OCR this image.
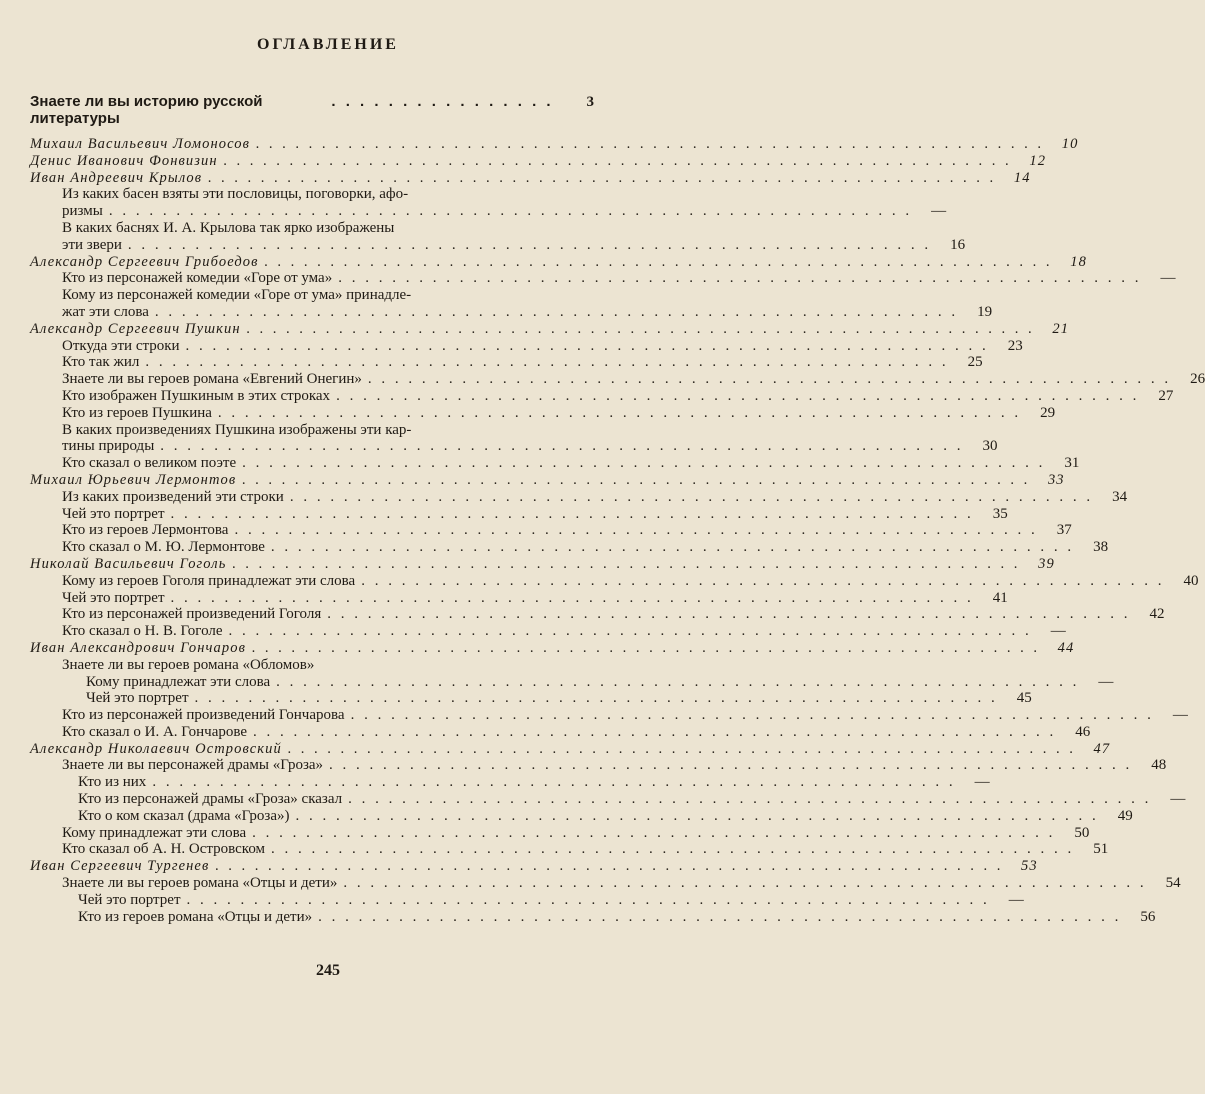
ОГЛАВЛЕНИЕ
Знаете ли вы историю русской литературы
. . . . . . . . . . . . . . . .	3
Михаил Васильевич Ломоносов . . . . . . . . . . . . . . . . . . . . . . . . . . . . . . . . . . . . . . . . . . . . . . . . . . . . . . . . . . . .	10
Денис Иванович Фонвизин . . . . . . . . . . . . . . . . . . . . . . . . . . . . . . . . . . . . . . . . . . . . . . . . . . . . . . . . . . . .	12
Иван Андреевич Крылов . . . . . . . . . . . . . . . . . . . . . . . . . . . . . . . . . . . . . . . . . . . . . . . . . . . . . . . . . . . .	14
Из каких басен взяты эти пословицы, поговорки, афо-
ризмы . . . . . . . . . . . . . . . . . . . . . . . . . . . . . . . . . . . . . . . . . . . . . . . . . . . . . . . . . . . .	—
В каких баснях И. А. Крылова так ярко изображены
эти звери . . . . . . . . . . . . . . . . . . . . . . . . . . . . . . . . . . . . . . . . . . . . . . . . . . . . . . . . . . . .	16
Александр Сергеевич Грибоедов . . . . . . . . . . . . . . . . . . . . . . . . . . . . . . . . . . . . . . . . . . . . . . . . . . . . . . . . . . . .	18
Кто из персонажей комедии «Горе от ума» . . . . . . . . . . . . . . . . . . . . . . . . . . . . . . . . . . . . . . . . . . . . . . . . . . . . . . . . . . . .	—
Кому из персонажей комедии «Горе от ума» принадле-
жат эти слова . . . . . . . . . . . . . . . . . . . . . . . . . . . . . . . . . . . . . . . . . . . . . . . . . . . . . . . . . . . .	19
Александр Сергеевич Пушкин . . . . . . . . . . . . . . . . . . . . . . . . . . . . . . . . . . . . . . . . . . . . . . . . . . . . . . . . . . . .	21
Откуда эти строки . . . . . . . . . . . . . . . . . . . . . . . . . . . . . . . . . . . . . . . . . . . . . . . . . . . . . . . . . . . .	23
Кто так жил . . . . . . . . . . . . . . . . . . . . . . . . . . . . . . . . . . . . . . . . . . . . . . . . . . . . . . . . . . . .	25
Знаете ли вы героев романа «Евгений Онегин» . . . . . . . . . . . . . . . . . . . . . . . . . . . . . . . . . . . . . . . . . . . . . . . . . . . . . . . . . . . .	26
Кто изображен Пушкиным в этих строках . . . . . . . . . . . . . . . . . . . . . . . . . . . . . . . . . . . . . . . . . . . . . . . . . . . . . . . . . . . .	27
Кто из героев Пушкина . . . . . . . . . . . . . . . . . . . . . . . . . . . . . . . . . . . . . . . . . . . . . . . . . . . . . . . . . . . .	29
В каких произведениях Пушкина изображены эти кар-
тины природы . . . . . . . . . . . . . . . . . . . . . . . . . . . . . . . . . . . . . . . . . . . . . . . . . . . . . . . . . . . .	30
Кто сказал о великом поэте . . . . . . . . . . . . . . . . . . . . . . . . . . . . . . . . . . . . . . . . . . . . . . . . . . . . . . . . . . . .	31
Михаил Юрьевич Лермонтов . . . . . . . . . . . . . . . . . . . . . . . . . . . . . . . . . . . . . . . . . . . . . . . . . . . . . . . . . . . .	33
Из каких произведений эти строки . . . . . . . . . . . . . . . . . . . . . . . . . . . . . . . . . . . . . . . . . . . . . . . . . . . . . . . . . . . .	34
Чей это портрет . . . . . . . . . . . . . . . . . . . . . . . . . . . . . . . . . . . . . . . . . . . . . . . . . . . . . . . . . . . .	35
Кто из героев Лермонтова . . . . . . . . . . . . . . . . . . . . . . . . . . . . . . . . . . . . . . . . . . . . . . . . . . . . . . . . . . . .	37
Кто сказал о М. Ю. Лермонтове . . . . . . . . . . . . . . . . . . . . . . . . . . . . . . . . . . . . . . . . . . . . . . . . . . . . . . . . . . . .	38
Николай Васильевич Гоголь . . . . . . . . . . . . . . . . . . . . . . . . . . . . . . . . . . . . . . . . . . . . . . . . . . . . . . . . . . . .	39
Кому из героев Гоголя принадлежат эти слова . . . . . . . . . . . . . . . . . . . . . . . . . . . . . . . . . . . . . . . . . . . . . . . . . . . . . . . . . . . .	40
Чей это портрет . . . . . . . . . . . . . . . . . . . . . . . . . . . . . . . . . . . . . . . . . . . . . . . . . . . . . . . . . . . .	41
Кто из персонажей произведений Гоголя . . . . . . . . . . . . . . . . . . . . . . . . . . . . . . . . . . . . . . . . . . . . . . . . . . . . . . . . . . . .	42
Кто сказал о Н. В. Гоголе . . . . . . . . . . . . . . . . . . . . . . . . . . . . . . . . . . . . . . . . . . . . . . . . . . . . . . . . . . . .	—
Иван Александрович Гончаров . . . . . . . . . . . . . . . . . . . . . . . . . . . . . . . . . . . . . . . . . . . . . . . . . . . . . . . . . . . .	44
Знаете ли вы героев романа «Обломов»
Кому принадлежат эти слова . . . . . . . . . . . . . . . . . . . . . . . . . . . . . . . . . . . . . . . . . . . . . . . . . . . . . . . . . . . .	—
Чей это портрет . . . . . . . . . . . . . . . . . . . . . . . . . . . . . . . . . . . . . . . . . . . . . . . . . . . . . . . . . . . .	45
Кто из персонажей произведений Гончарова . . . . . . . . . . . . . . . . . . . . . . . . . . . . . . . . . . . . . . . . . . . . . . . . . . . . . . . . . . . .	—
Кто сказал о И. А. Гончарове . . . . . . . . . . . . . . . . . . . . . . . . . . . . . . . . . . . . . . . . . . . . . . . . . . . . . . . . . . . .	46
Александр Николаевич Островский . . . . . . . . . . . . . . . . . . . . . . . . . . . . . . . . . . . . . . . . . . . . . . . . . . . . . . . . . . . .	47
Знаете ли вы персонажей драмы «Гроза» . . . . . . . . . . . . . . . . . . . . . . . . . . . . . . . . . . . . . . . . . . . . . . . . . . . . . . . . . . . .	48
Кто из них . . . . . . . . . . . . . . . . . . . . . . . . . . . . . . . . . . . . . . . . . . . . . . . . . . . . . . . . . . . .	—
Кто из персонажей драмы «Гроза» сказал . . . . . . . . . . . . . . . . . . . . . . . . . . . . . . . . . . . . . . . . . . . . . . . . . . . . . . . . . . . .	—
Кто о ком сказал (драма «Гроза») . . . . . . . . . . . . . . . . . . . . . . . . . . . . . . . . . . . . . . . . . . . . . . . . . . . . . . . . . . . .	49
Кому принадлежат эти слова . . . . . . . . . . . . . . . . . . . . . . . . . . . . . . . . . . . . . . . . . . . . . . . . . . . . . . . . . . . .	50
Кто сказал об А. Н. Островском . . . . . . . . . . . . . . . . . . . . . . . . . . . . . . . . . . . . . . . . . . . . . . . . . . . . . . . . . . . .	51
Иван Сергеевич Тургенев . . . . . . . . . . . . . . . . . . . . . . . . . . . . . . . . . . . . . . . . . . . . . . . . . . . . . . . . . . . .	53
Знаете ли вы героев романа «Отцы и дети» . . . . . . . . . . . . . . . . . . . . . . . . . . . . . . . . . . . . . . . . . . . . . . . . . . . . . . . . . . . .	54
Чей это портрет . . . . . . . . . . . . . . . . . . . . . . . . . . . . . . . . . . . . . . . . . . . . . . . . . . . . . . . . . . . .	—
Кто из героев романа «Отцы и дети» . . . . . . . . . . . . . . . . . . . . . . . . . . . . . . . . . . . . . . . . . . . . . . . . . . . . . . . . . . . .	56
245
